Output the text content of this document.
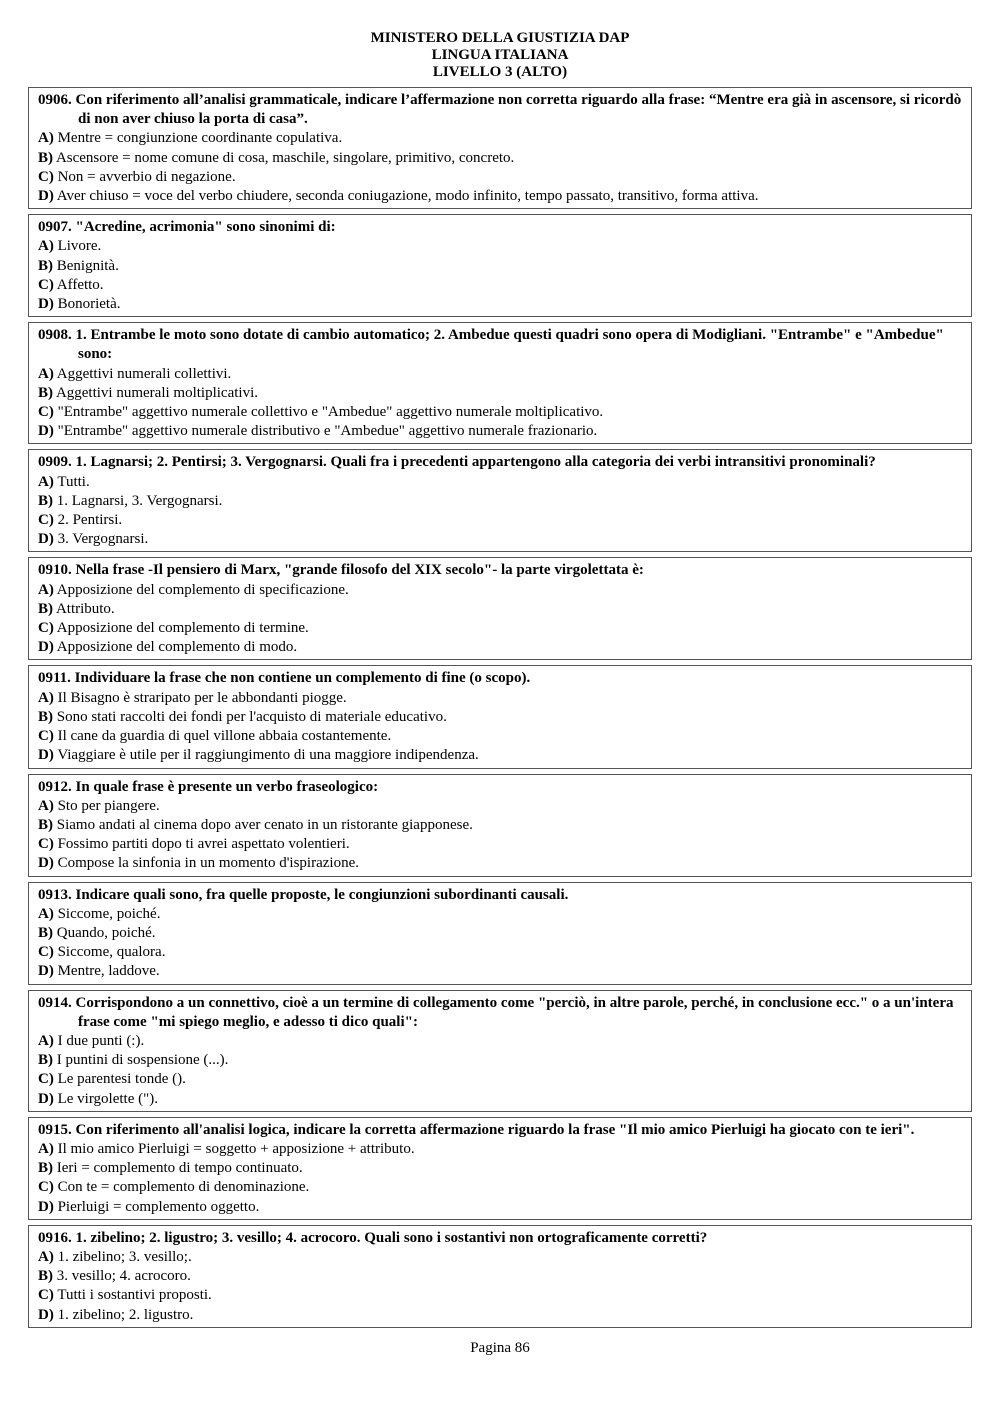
MINISTERO DELLA GIUSTIZIA DAP
LINGUA ITALIANA
LIVELLO 3 (ALTO)
0906. Con riferimento all’analisi grammaticale, indicare l’affermazione non corretta riguardo alla frase: “Mentre era già in ascensore, si ricordò di non aver chiuso la porta di casa”.
A) Mentre = congiunzione coordinante copulativa.
B) Ascensore = nome comune di cosa, maschile, singolare, primitivo, concreto.
C) Non = avverbio di negazione.
D) Aver chiuso = voce del verbo chiudere, seconda coniugazione, modo infinito, tempo passato, transitivo, forma attiva.
0907. "Acredine, acrimonia" sono sinonimi di:
A) Livore.
B) Benignità.
C) Affetto.
D) Bonorietà.
0908. 1. Entrambe le moto sono dotate di cambio automatico; 2. Ambedue questi quadri sono opera di Modigliani. "Entrambe" e "Ambedue" sono:
A) Aggettivi numerali collettivi.
B) Aggettivi numerali moltiplicativi.
C) "Entrambe" aggettivo numerale collettivo e "Ambedue" aggettivo numerale moltiplicativo.
D) "Entrambe" aggettivo numerale distributivo e "Ambedue" aggettivo numerale frazionario.
0909. 1. Lagnarsi; 2. Pentirsi; 3. Vergognarsi. Quali fra i precedenti appartengono alla categoria dei verbi intransitivi pronominali?
A) Tutti.
B) 1. Lagnarsi, 3. Vergognarsi.
C) 2. Pentirsi.
D) 3. Vergognarsi.
0910. Nella frase -Il pensiero di Marx, "grande filosofo del XIX secolo"- la parte virgolettata è:
A) Apposizione del complemento di specificazione.
B) Attributo.
C) Apposizione del complemento di termine.
D) Apposizione del complemento di modo.
0911. Individuare la frase che non contiene un complemento di fine (o scopo).
A) Il Bisagno è straripato per le abbondanti piogge.
B) Sono stati raccolti dei fondi per l'acquisto di materiale educativo.
C) Il cane da guardia di quel villone abbaia costantemente.
D) Viaggiare è utile per il raggiungimento di una maggiore indipendenza.
0912. In quale frase è presente un verbo fraseologico:
A) Sto per piangere.
B) Siamo andati al cinema dopo aver cenato in un ristorante giapponese.
C) Fossimo partiti dopo ti avrei aspettato volentieri.
D) Compose la sinfonia in un momento d'ispirazione.
0913. Indicare quali sono, fra quelle proposte, le congiunzioni subordinanti causali.
A) Siccome, poiché.
B) Quando, poiché.
C) Siccome, qualora.
D) Mentre, laddove.
0914. Corrispondono a un connettivo, cioè a un termine di collegamento come "perciò, in altre parole, perché, in conclusione ecc." o a un'intera frase come "mi spiego meglio, e adesso ti dico quali":
A) I due punti (:).
B) I puntini di sospensione (...).
C) Le parentesi tonde ().
D) Le virgolette (").
0915. Con riferimento all'analisi logica, indicare la corretta affermazione riguardo la frase "Il mio amico Pierluigi ha giocato con te ieri".
A) Il mio amico Pierluigi = soggetto + apposizione + attributo.
B) Ieri = complemento di tempo continuato.
C) Con te = complemento di denominazione.
D) Pierluigi = complemento oggetto.
0916. 1. zibelino; 2. ligustro; 3. vesillo; 4. acrocoro. Quali sono i sostantivi non ortograficamente corretti?
A) 1. zibelino; 3. vesillo;.
B) 3. vesillo; 4. acrocoro.
C) Tutti i sostantivi proposti.
D) 1. zibelino; 2. ligustro.
Pagina 86
